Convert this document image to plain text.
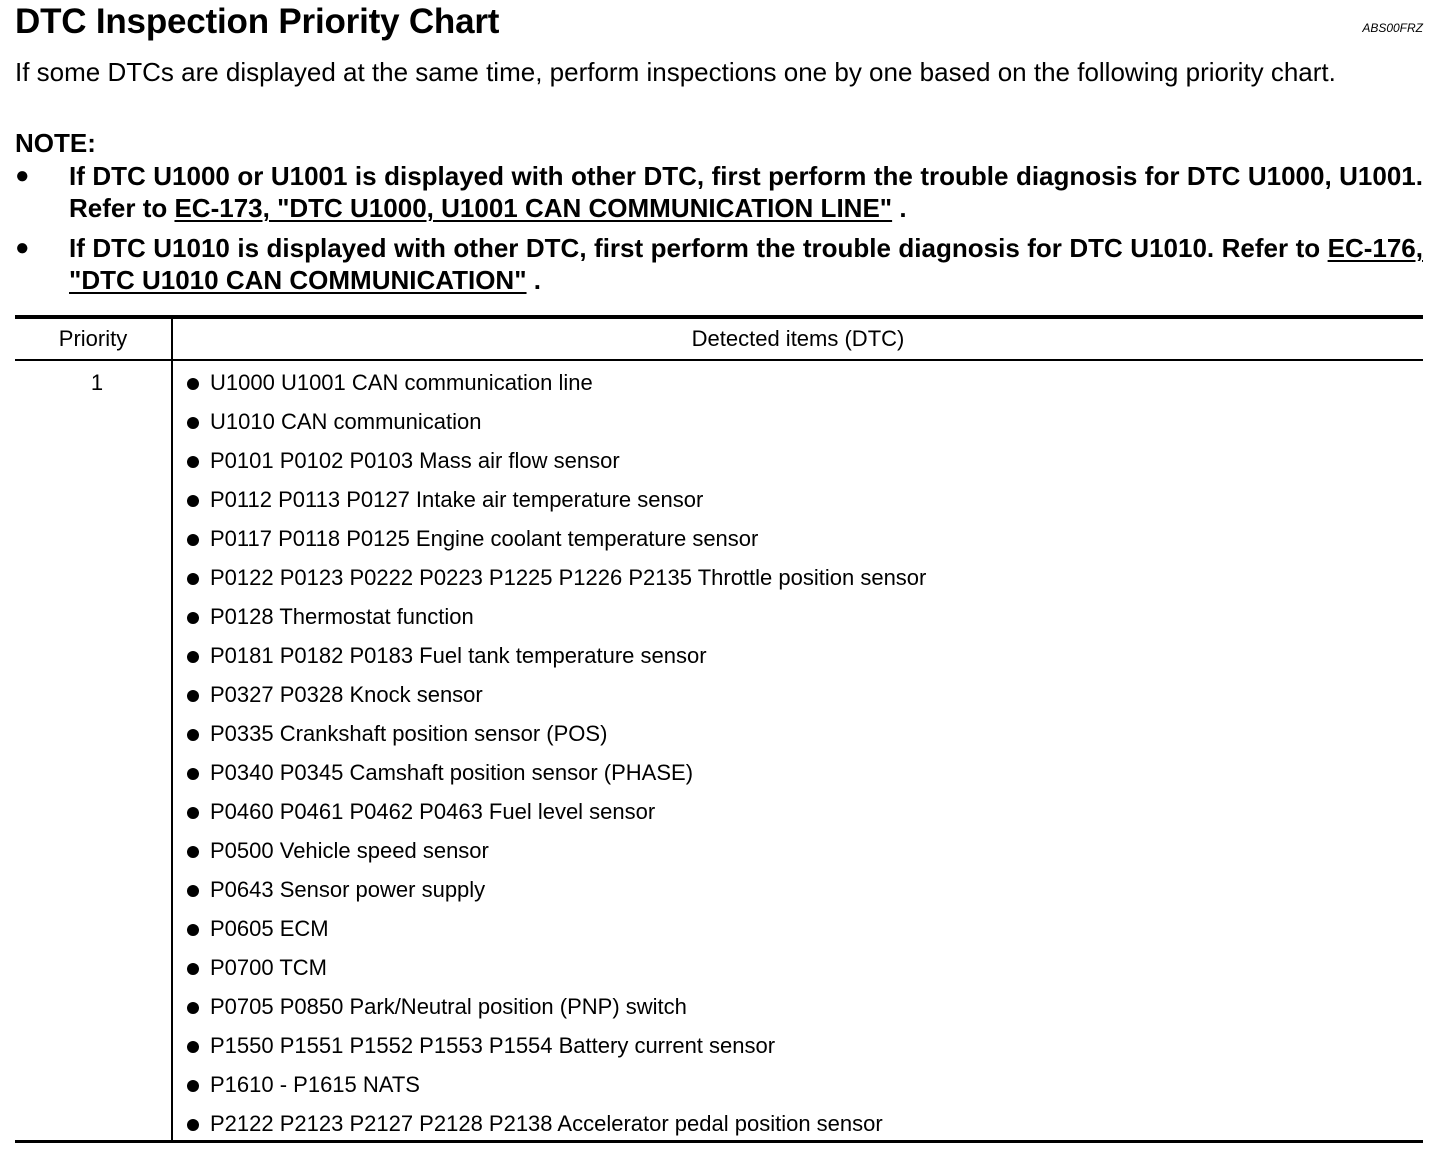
DTC Inspection Priority Chart	ABS00FRZ

If some DTCs are displayed at the same time, perform inspections one by one based on the following priority chart.

NOTE:
● If DTC U1000 or U1001 is displayed with other DTC, first perform the trouble diagnosis for DTC U1000, U1001. Refer to EC-173, "DTC U1000, U1001 CAN COMMUNICATION LINE" .
● If DTC U1010 is displayed with other DTC, first perform the trouble diagnosis for DTC U1010. Refer to EC-176, "DTC U1010 CAN COMMUNICATION" .
Priority	Detected items (DTC)
1	U1000 U1001 CAN communication line
U1010 CAN communication
P0101 P0102 P0103 Mass air flow sensor
P0112 P0113 P0127 Intake air temperature sensor
P0117 P0118 P0125 Engine coolant temperature sensor
P0122 P0123 P0222 P0223 P1225 P1226 P2135 Throttle position sensor
P0128 Thermostat function
P0181 P0182 P0183 Fuel tank temperature sensor
P0327 P0328 Knock sensor
P0335 Crankshaft position sensor (POS)
P0340 P0345 Camshaft position sensor (PHASE)
P0460 P0461 P0462 P0463 Fuel level sensor
P0500 Vehicle speed sensor
P0643 Sensor power supply
P0605 ECM
P0700 TCM
P0705 P0850 Park/Neutral position (PNP) switch
P1550 P1551 P1552 P1553 P1554 Battery current sensor
P1610 - P1615 NATS
P2122 P2123 P2127 P2128 P2138 Accelerator pedal position sensor
